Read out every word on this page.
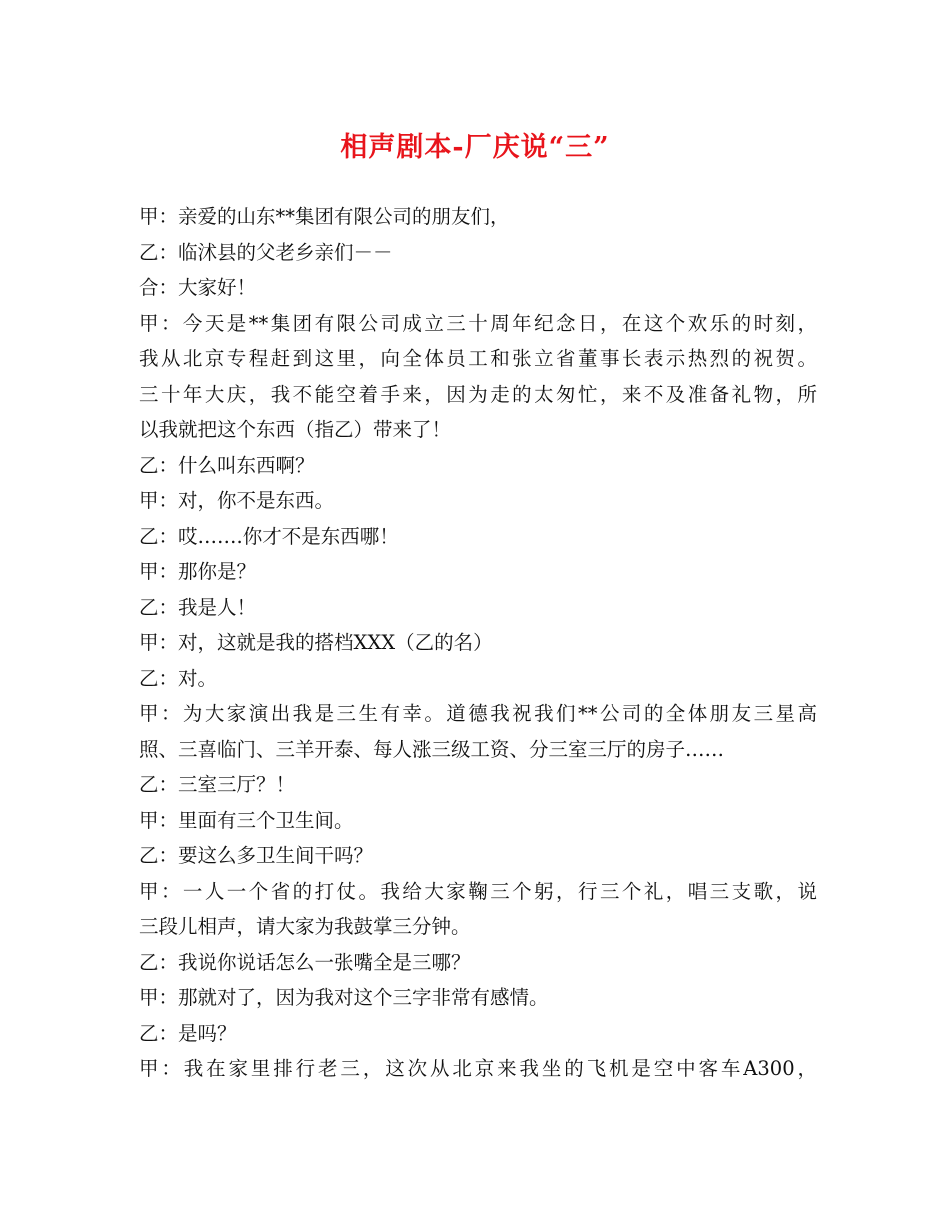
相声剧本-厂庆说“三”
甲：亲爱的山东**集团有限公司的朋友们，
乙：临沭县的父老乡亲们－－
合：大家好！
甲：今天是**集团有限公司成立三十周年纪念日，在这个欢乐的时刻，
我从北京专程赶到这里，向全体员工和张立省董事长表示热烈的祝贺。
三十年大庆，我不能空着手来，因为走的太匆忙，来不及准备礼物，所
以我就把这个东西（指乙）带来了！
乙：什么叫东西啊？
甲：对，你不是东西。
乙：哎…….你才不是东西哪！
甲：那你是？
乙：我是人！
甲：对，这就是我的搭档XXX（乙的名）
乙：对。
甲：为大家演出我是三生有幸。道德我祝我们**公司的全体朋友三星高
照、三喜临门、三羊开泰、每人涨三级工资、分三室三厅的房子……
乙：三室三厅？！
甲：里面有三个卫生间。
乙：要这么多卫生间干吗？
甲：一人一个省的打仗。我给大家鞠三个躬，行三个礼，唱三支歌，说
三段儿相声，请大家为我鼓掌三分钟。
乙：我说你说话怎么一张嘴全是三哪？
甲：那就对了，因为我对这个三字非常有感情。
乙：是吗？
甲：我在家里排行老三，这次从北京来我坐的飞机是空中客车A300，
